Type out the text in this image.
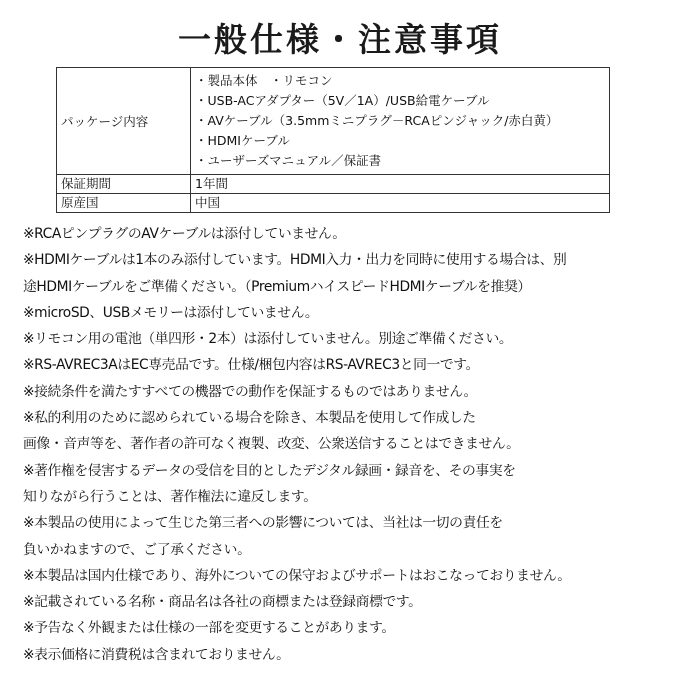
一般仕様・注意事項
パッケージ内容	・製品本体　・リモコン
・USB-ACアダプター（5V／1A）/USB給電ケーブル
・AVケーブル（3.5mmミニプラグ－RCAピンジャック/赤白黄）
・HDMIケーブル
・ユーザーズマニュアル／保証書

保証期間	1年間
原産国	中国
※RCAピンプラグのAVケーブルは添付していません。
※HDMIケーブルは1本のみ添付しています。HDMI入力・出力を同時に使用する場合は、別
途HDMIケーブルをご準備ください。（PremiumハイスピードHDMIケーブルを推奨）
※microSD、USBメモリーは添付していません。
※リモコン用の電池（単四形・2本）は添付していません。別途ご準備ください。
※RS-AVREC3AはEC専売品です。仕様/梱包内容はRS-AVREC3と同一です。
※接続条件を満たすすべての機器での動作を保証するものではありません。
※私的利用のために認められている場合を除き、本製品を使用して作成した
画像・音声等を、著作者の許可なく複製、改変、公衆送信することはできません。
※著作権を侵害するデータの受信を目的としたデジタル録画・録音を、その事実を
知りながら行うことは、著作権法に違反します。
※本製品の使用によって生じた第三者への影響については、当社は一切の責任を
負いかねますので、ご了承ください。
※本製品は国内仕様であり、海外についての保守およびサポートはおこなっておりません。
※記載されている名称・商品名は各社の商標または登録商標です。
※予告なく外観または仕様の一部を変更することがあります。
※表示価格に消費税は含まれておりません。
